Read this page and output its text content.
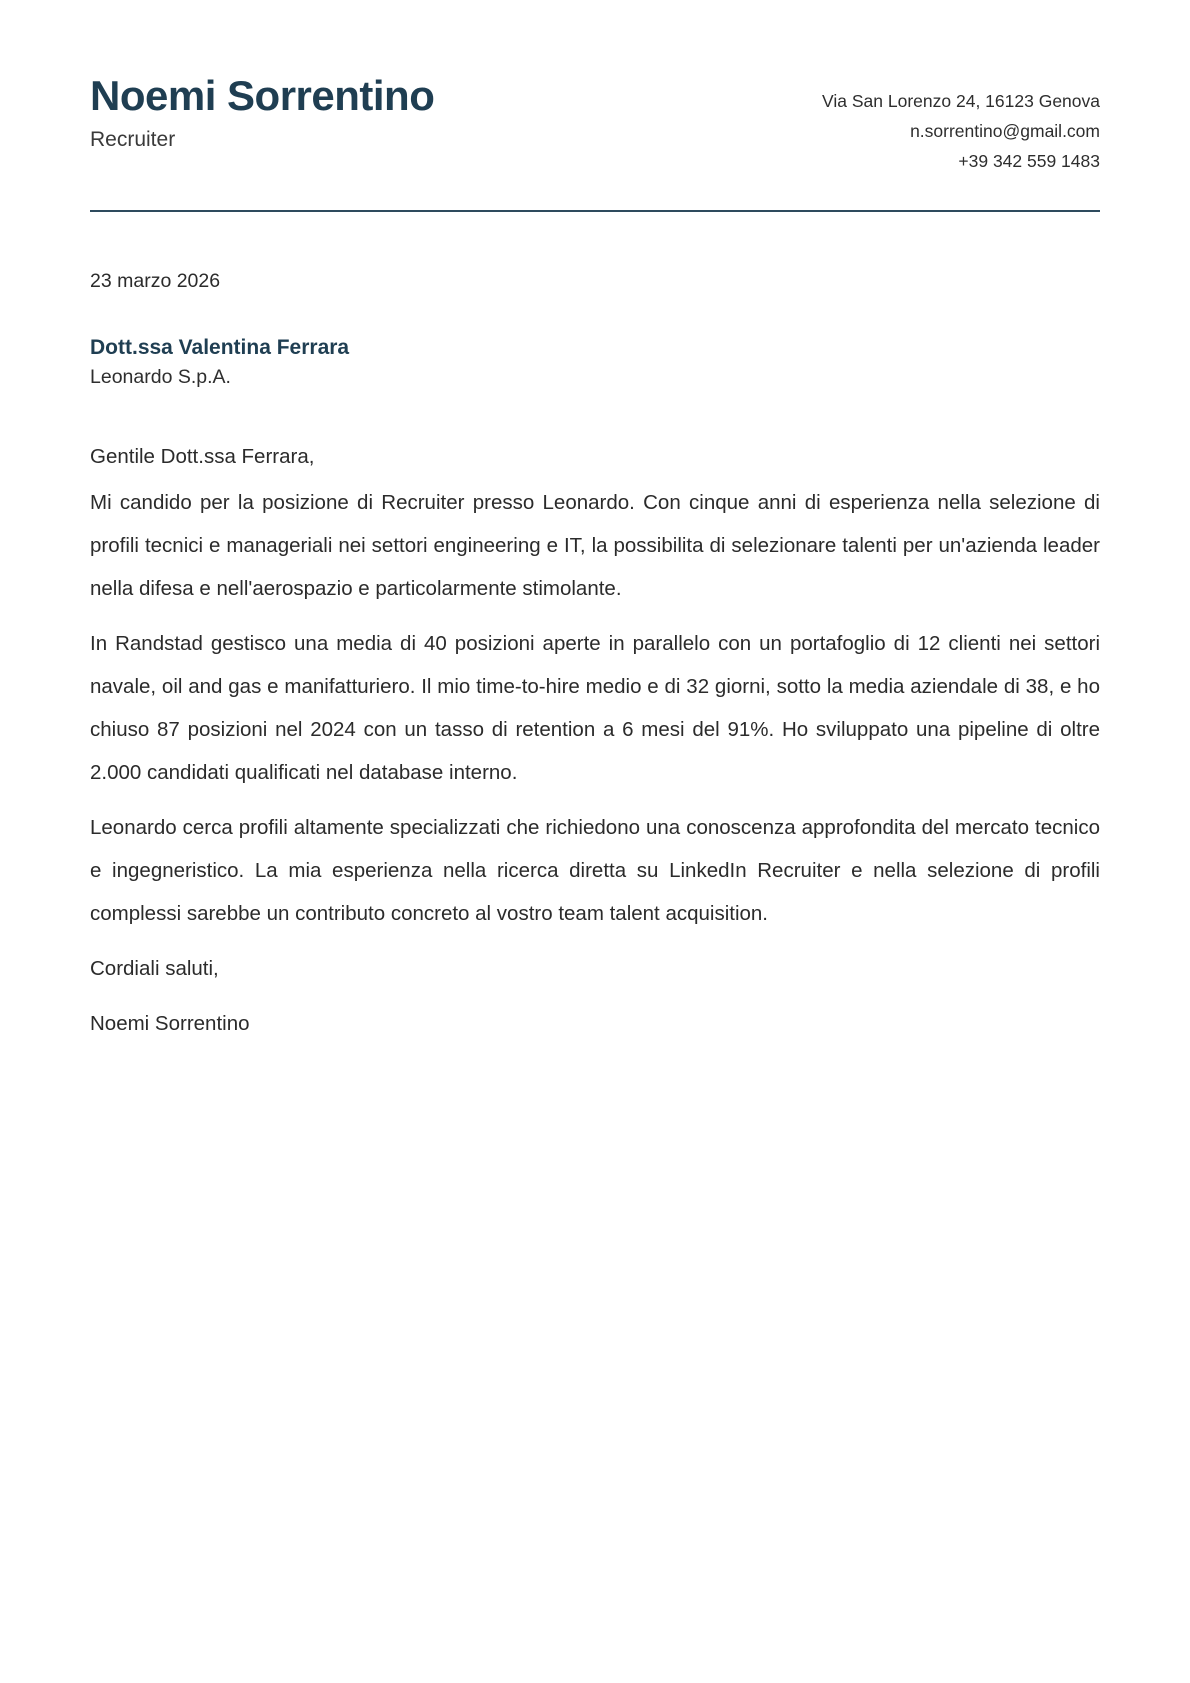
Noemi Sorrentino
Recruiter
Via San Lorenzo 24, 16123 Genova
n.sorrentino@gmail.com
+39 342 559 1483
23 marzo 2026
Dott.ssa Valentina Ferrara
Leonardo S.p.A.
Gentile Dott.ssa Ferrara,

Mi candido per la posizione di Recruiter presso Leonardo. Con cinque anni di esperienza nella selezione di profili tecnici e manageriali nei settori engineering e IT, la possibilita di selezionare talenti per un'azienda leader nella difesa e nell'aerospazio e particolarmente stimolante.

In Randstad gestisco una media di 40 posizioni aperte in parallelo con un portafoglio di 12 clienti nei settori navale, oil and gas e manifatturiero. Il mio time-to-hire medio e di 32 giorni, sotto la media aziendale di 38, e ho chiuso 87 posizioni nel 2024 con un tasso di retention a 6 mesi del 91%. Ho sviluppato una pipeline di oltre 2.000 candidati qualificati nel database interno.

Leonardo cerca profili altamente specializzati che richiedono una conoscenza approfondita del mercato tecnico e ingegneristico. La mia esperienza nella ricerca diretta su LinkedIn Recruiter e nella selezione di profili complessi sarebbe un contributo concreto al vostro team talent acquisition.

Cordiali saluti,
Noemi Sorrentino
